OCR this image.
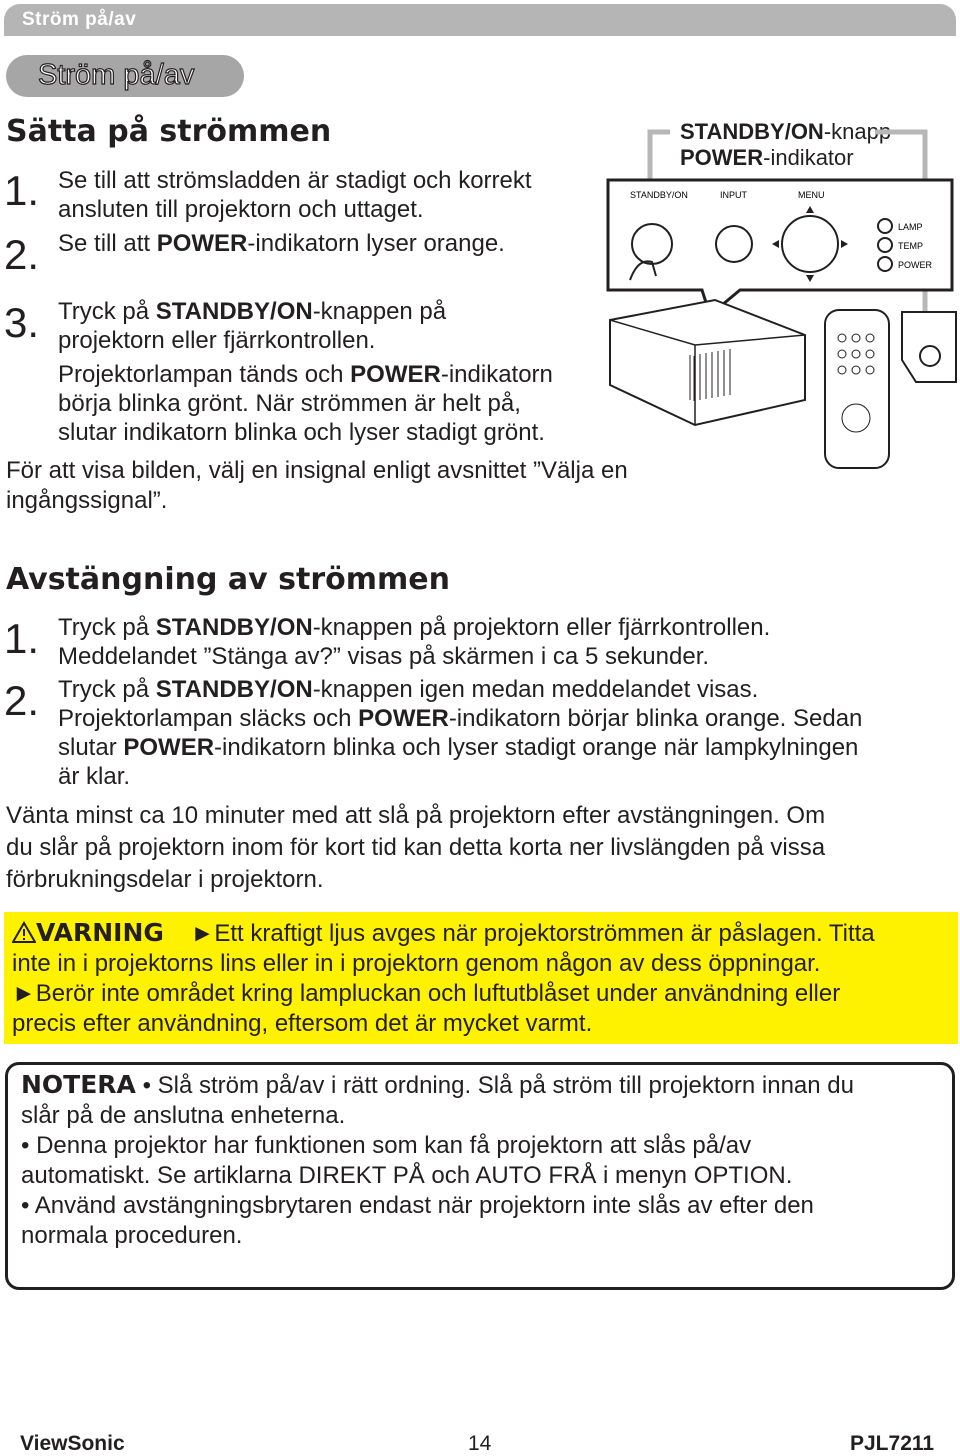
Ström på/av
Ström på/av
Sätta på strömmen
1. Se till att strömsladden är stadigt och korrekt
ansluten till projektorn och uttaget.
2. Se till att POWER-indikatorn lyser orange.
3. Tryck på STANDBY/ON-knappen på
projektorn eller fjärrkontrollen.
Projektorlampan tänds och POWER-indikatorn
börja blinka grönt. När strömmen är helt på,
slutar indikatorn blinka och lyser stadigt grönt.
För att visa bilden, välj en insignal enligt avsnittet ”Välja en
ingångssignal”.
STANDBY/ON-knapp
POWER-indikator
STANDBY/ON	INPUT	MENU
LAMP
TEMP
POWER
Avstängning av strömmen
1. Tryck på STANDBY/ON-knappen på projektorn eller fjärrkontrollen.
Meddelandet ”Stänga av?” visas på skärmen i ca 5 sekunder.
2. Tryck på STANDBY/ON-knappen igen medan meddelandet visas.
Projektorlampan släcks och POWER-indikatorn börjar blinka orange. Sedan
slutar POWER-indikatorn blinka och lyser stadigt orange när lampkylningen
är klar.
Vänta minst ca 10 minuter med att slå på projektorn efter avstängningen. Om
du slår på projektorn inom för kort tid kan detta korta ner livslängden på vissa
förbrukningsdelar i projektorn.
VARNING ►Ett kraftigt ljus avges när projektorströmmen är påslagen. Titta
inte in i projektorns lins eller in i projektorn genom någon av dess öppningar.
►Berör inte området kring lampluckan och luftutblåset under användning eller
precis efter användning, eftersom det är mycket varmt.
NOTERA • Slå ström på/av i rätt ordning. Slå på ström till projektorn innan du
slår på de anslutna enheterna.
• Denna projektor har funktionen som kan få projektorn att slås på/av
automatiskt. Se artiklarna DIREKT PÅ och AUTO FRÅ i menyn OPTION.
• Använd avstängningsbrytaren endast när projektorn inte slås av efter den
normala proceduren.
ViewSonic	14	PJL7211
